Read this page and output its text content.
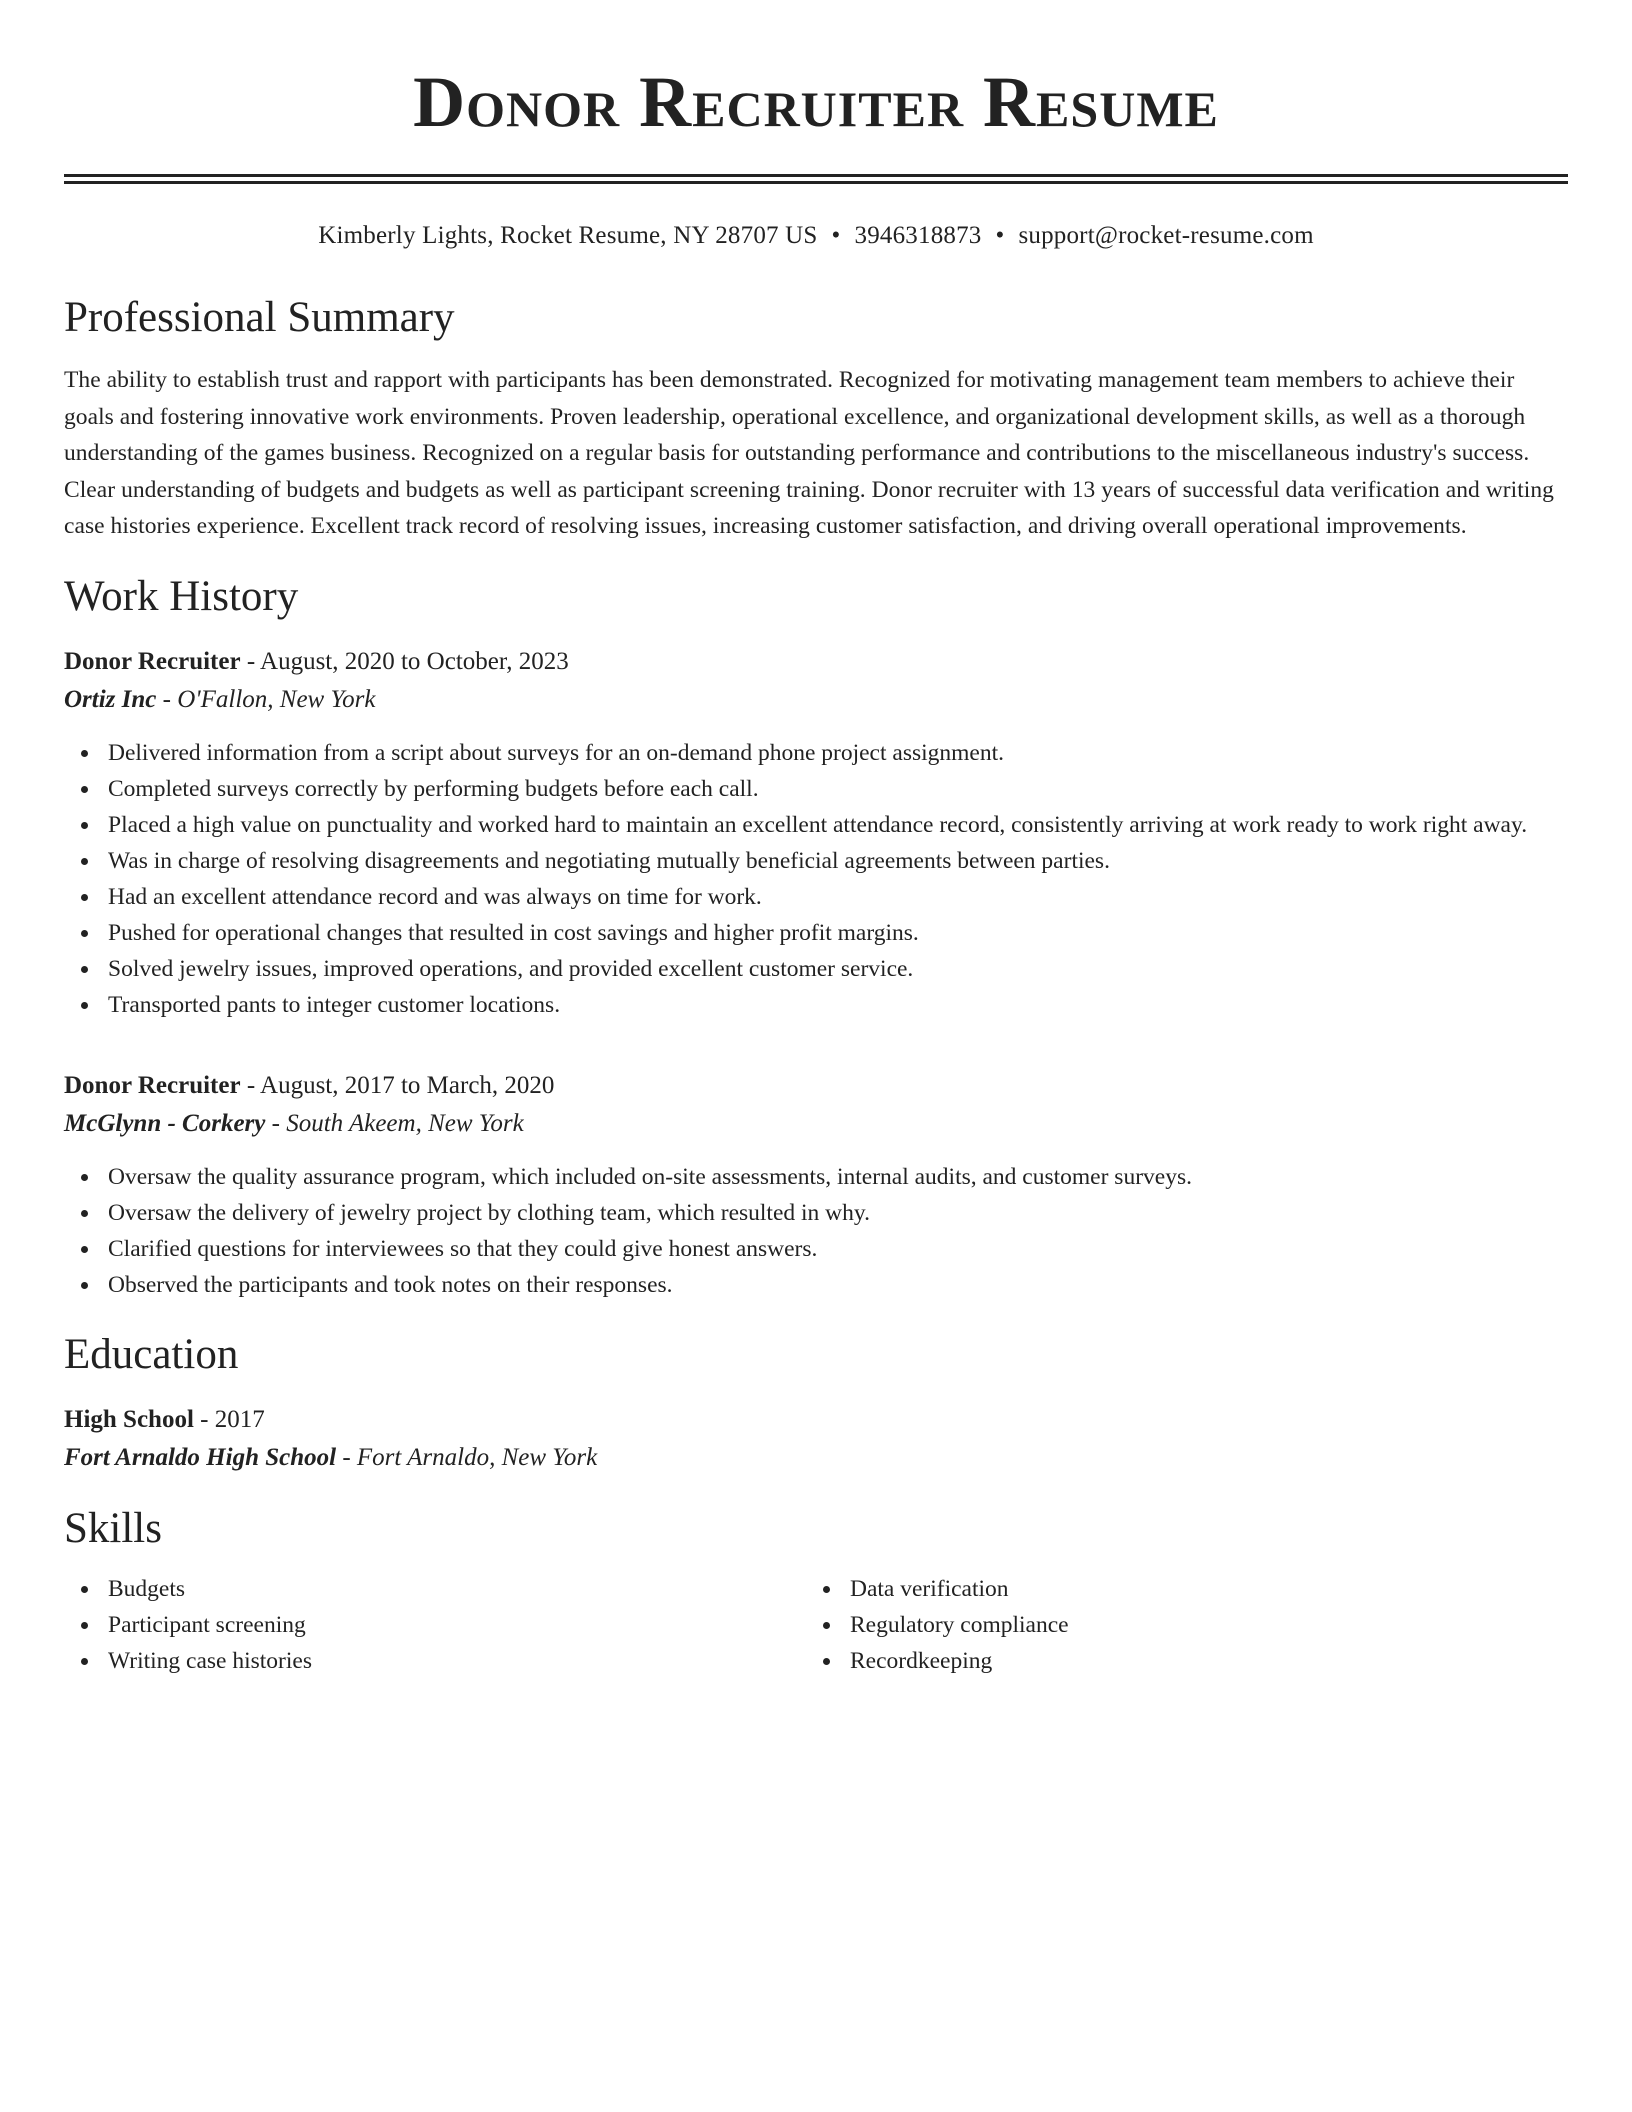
Donor Recruiter Resume
Kimberly Lights, Rocket Resume, NY 28707 US • 3946318873 • support@rocket-resume.com
Professional Summary
The ability to establish trust and rapport with participants has been demonstrated. Recognized for motivating management team members to achieve their goals and fostering innovative work environments. Proven leadership, operational excellence, and organizational development skills, as well as a thorough understanding of the games business. Recognized on a regular basis for outstanding performance and contributions to the miscellaneous industry's success. Clear understanding of budgets and budgets as well as participant screening training. Donor recruiter with 13 years of successful data verification and writing case histories experience. Excellent track record of resolving issues, increasing customer satisfaction, and driving overall operational improvements.
Work History
Donor Recruiter - August, 2020 to October, 2023
Ortiz Inc - O'Fallon, New York
Delivered information from a script about surveys for an on-demand phone project assignment.
Completed surveys correctly by performing budgets before each call.
Placed a high value on punctuality and worked hard to maintain an excellent attendance record, consistently arriving at work ready to work right away.
Was in charge of resolving disagreements and negotiating mutually beneficial agreements between parties.
Had an excellent attendance record and was always on time for work.
Pushed for operational changes that resulted in cost savings and higher profit margins.
Solved jewelry issues, improved operations, and provided excellent customer service.
Transported pants to integer customer locations.
Donor Recruiter - August, 2017 to March, 2020
McGlynn - Corkery - South Akeem, New York
Oversaw the quality assurance program, which included on-site assessments, internal audits, and customer surveys.
Oversaw the delivery of jewelry project by clothing team, which resulted in why.
Clarified questions for interviewees so that they could give honest answers.
Observed the participants and took notes on their responses.
Education
High School - 2017
Fort Arnaldo High School - Fort Arnaldo, New York
Skills
Budgets
Participant screening
Writing case histories
Data verification
Regulatory compliance
Recordkeeping
